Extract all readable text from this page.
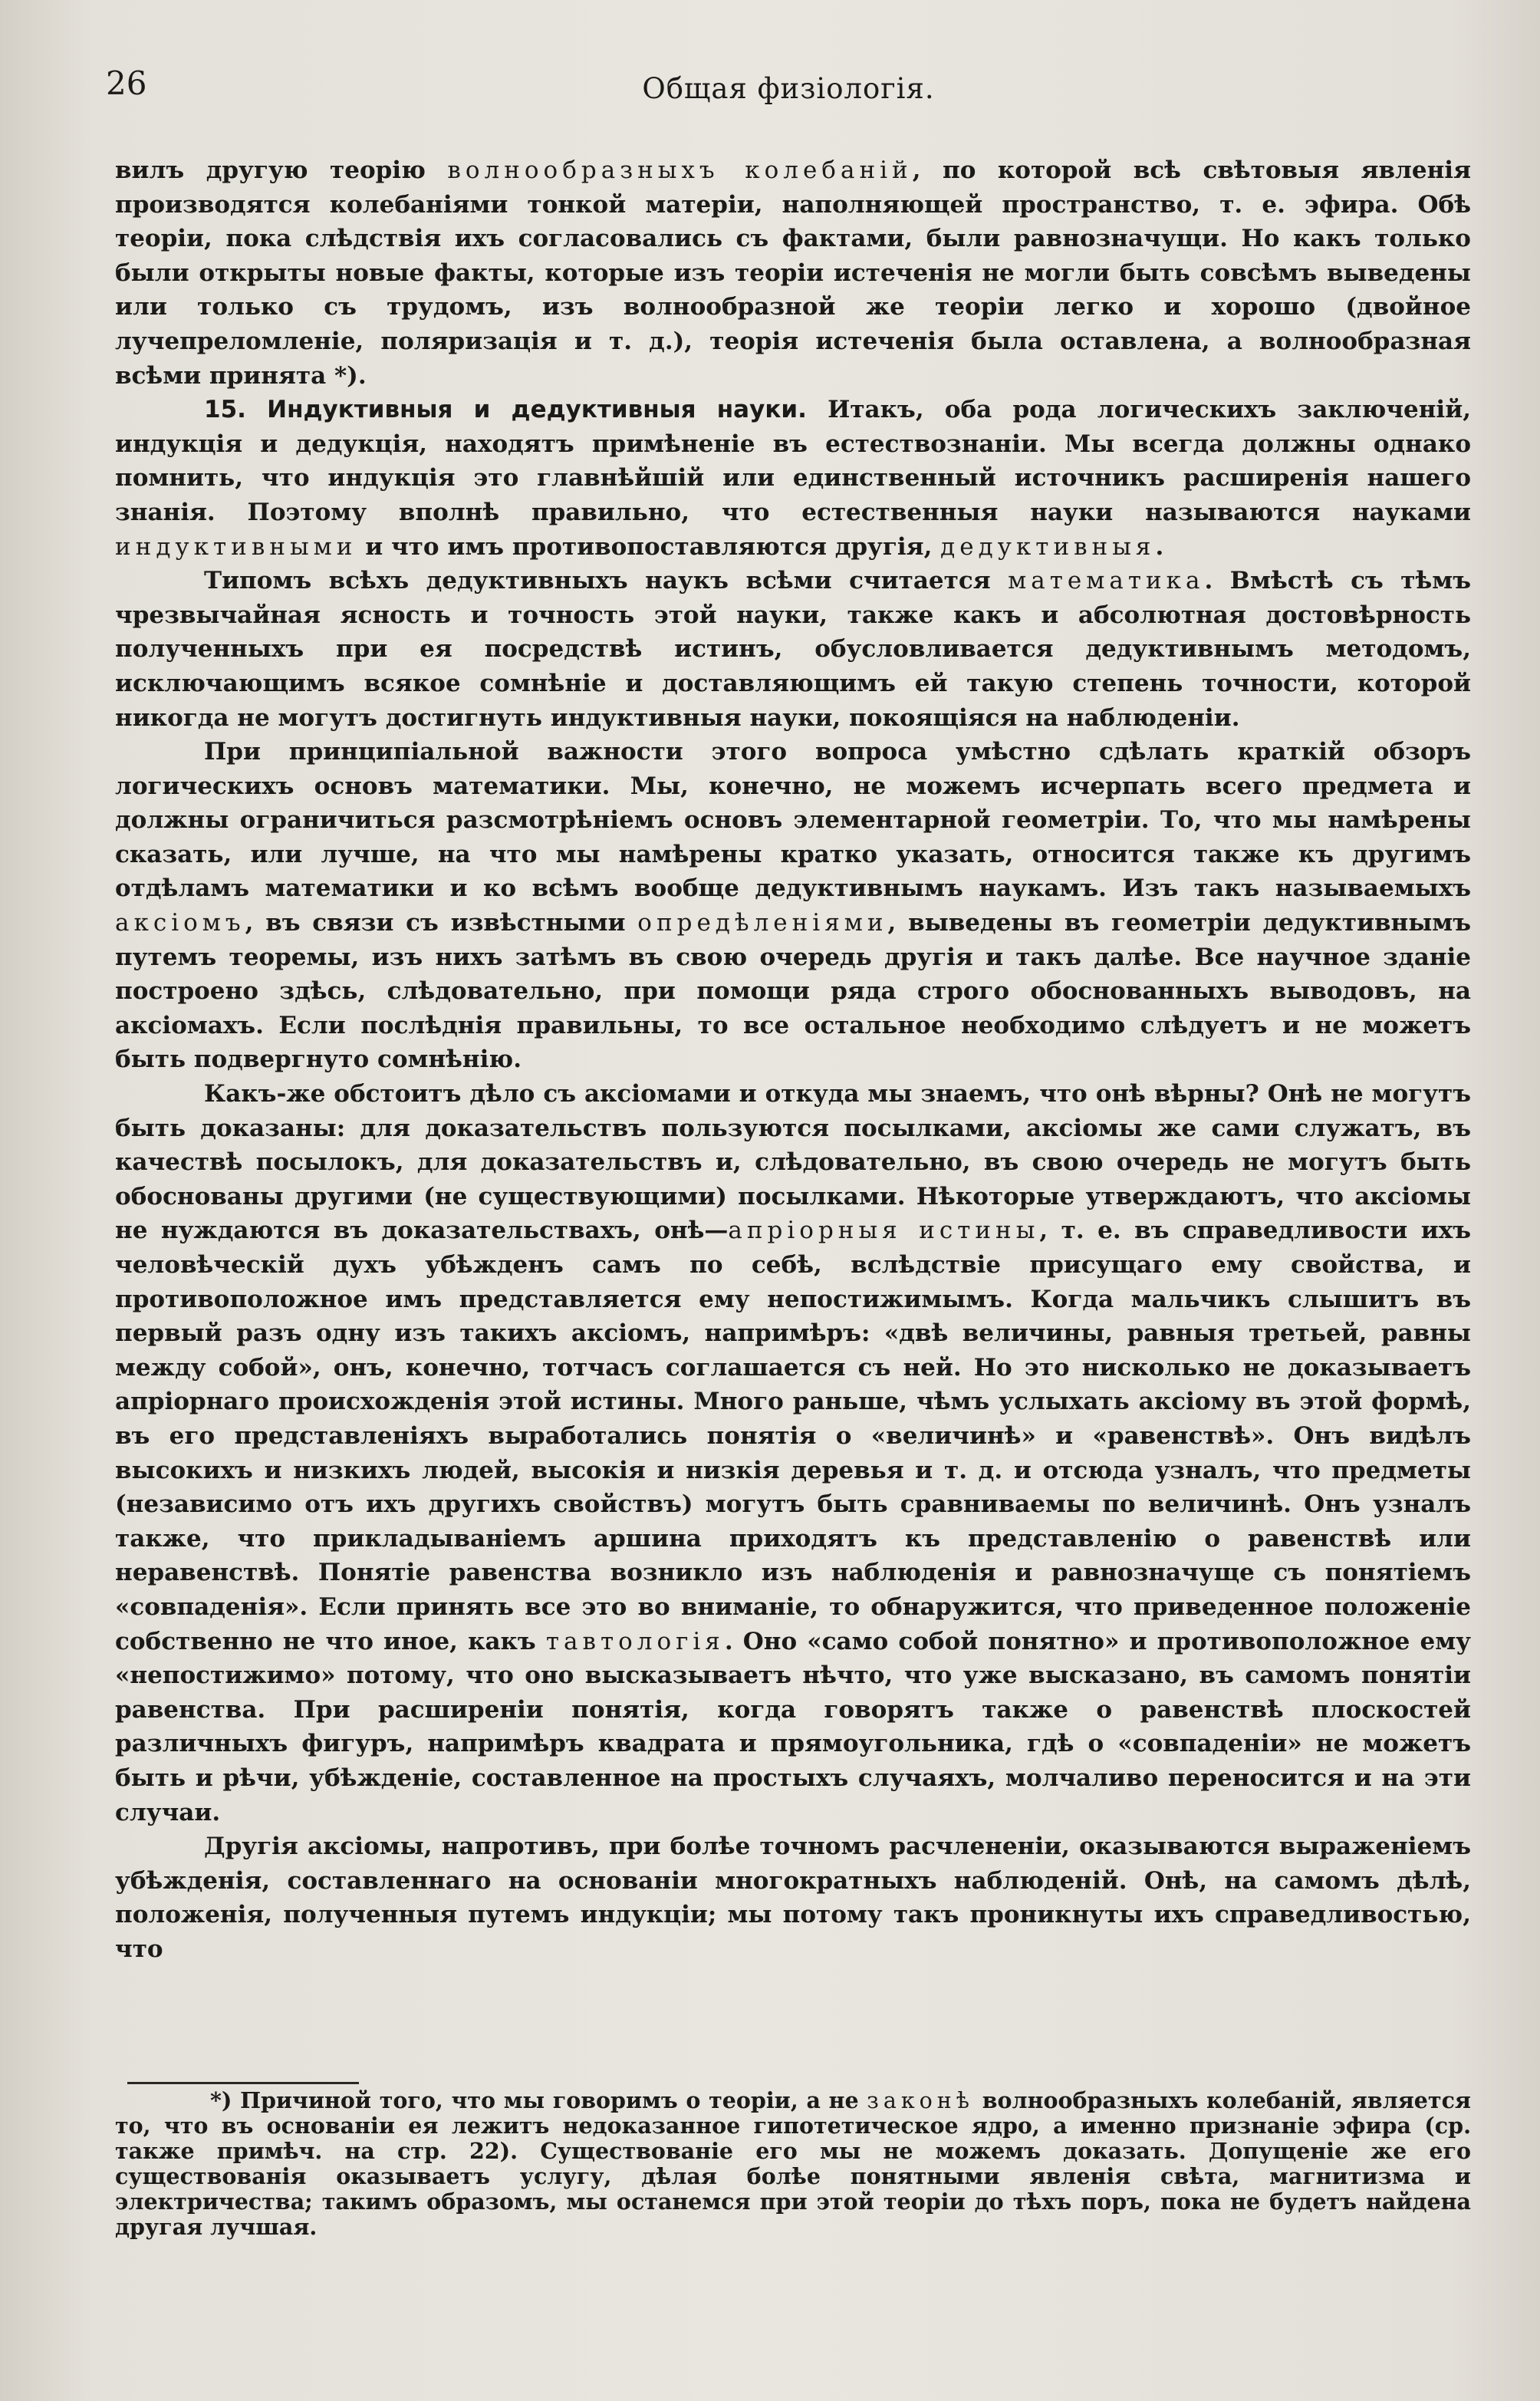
26	Общая физіологія.

вилъ другую теорію волнообразныхъ колебаній, по которой всѣ свѣтовыя явленія производятся колебаніями тонкой матеріи, наполняющей пространство, т. е. эфира. Обѣ теоріи, пока слѣдствія ихъ согласовались съ фактами, были равнозначущи. Но какъ только были открыты новые факты, которые изъ теоріи истеченія не могли быть совсѣмъ выведены или только съ трудомъ, изъ волнообразной же теоріи легко и хорошо (двойное лучепреломленіе, поляризація и т. д.), теорія истеченія была оставлена, а волнообразная всѣми принята *).

15. Индуктивныя и дедуктивныя науки. Итакъ, оба рода логическихъ заключеній, индукція и дедукція, находятъ примѣненіе въ естествознаніи. Мы всегда должны однако помнить, что индукція это главнѣйшій или единственный источникъ расширенія нашего знанія. Поэтому вполнѣ правильно, что естественныя науки называются науками индуктивными и что имъ противопоставляются другія, дедуктивныя.

Типомъ всѣхъ дедуктивныхъ наукъ всѣми считается математика. Вмѣстѣ съ тѣмъ чрезвычайная ясность и точность этой науки, также какъ и абсолютная достовѣрность полученныхъ при ея посредствѣ истинъ, обусловливается дедуктивнымъ методомъ, исключающимъ всякое сомнѣніе и доставляющимъ ей такую степень точности, которой никогда не могутъ достигнуть индуктивныя науки, покоящіяся на наблюденіи.

При принципіальной важности этого вопроса умѣстно сдѣлать краткій обзоръ логическихъ основъ математики. Мы, конечно, не можемъ исчерпать всего предмета и должны ограничиться разсмотрѣніемъ основъ элементарной геометріи. То, что мы намѣрены сказать, или лучше, на что мы намѣрены кратко указать, относится также къ другимъ отдѣламъ математики и ко всѣмъ вообще дедуктивнымъ наукамъ. Изъ такъ называемыхъ аксіомъ, въ связи съ извѣстными опредѣленіями, выведены въ геометріи дедуктивнымъ путемъ теоремы, изъ нихъ затѣмъ въ свою очередь другія и такъ далѣе. Все научное зданіе построено здѣсь, слѣдовательно, при помощи ряда строго обоснованныхъ выводовъ, на аксіомахъ. Если послѣднія правильны, то все остальное необходимо слѣдуетъ и не можетъ быть подвергнуто сомнѣнію.

Какъ-же обстоитъ дѣло съ аксіомами и откуда мы знаемъ, что онѣ вѣрны? Онѣ не могутъ быть доказаны: для доказательствъ пользуются посылками, аксіомы же сами служатъ, въ качествѣ посылокъ, для доказательствъ и, слѣдовательно, въ свою очередь не могутъ быть обоснованы другими (не существующими) посылками. Нѣкоторые утверждаютъ, что аксіомы не нуждаются въ доказательствахъ, онѣ—апріорныя истины, т. е. въ справедливости ихъ человѣческій духъ убѣжденъ самъ по себѣ, вслѣдствіе присущаго ему свойства, и противоположное имъ представляется ему непостижимымъ. Когда мальчикъ слышитъ въ первый разъ одну изъ такихъ аксіомъ, напримѣръ: «двѣ величины, равныя третьей, равны между собой», онъ, конечно, тотчасъ соглашается съ ней. Но это нисколько не доказываетъ апріорнаго происхожденія этой истины. Много раньше, чѣмъ услыхать аксіому въ этой формѣ, въ его представленіяхъ выработались понятія о «величинѣ» и «равенствѣ». Онъ видѣлъ высокихъ и низкихъ людей, высокія и низкія деревья и т. д. и отсюда узналъ, что предметы (независимо отъ ихъ другихъ свойствъ) могутъ быть сравниваемы по величинѣ. Онъ узналъ также, что прикладываніемъ аршина приходятъ къ представленію о равенствѣ или неравенствѣ. Понятіе равенства возникло изъ наблюденія и равнозначуще съ понятіемъ «совпаденія». Если принять все это во вниманіе, то обнаружится, что приведенное положеніе собственно не что иное, какъ тавтологія. Оно «само собой понятно» и противоположное ему «непостижимо» потому, что оно высказываетъ нѣчто, что уже высказано, въ самомъ понятіи равенства. При расширеніи понятія, когда говорятъ также о равенствѣ плоскостей различныхъ фигуръ, напримѣръ квадрата и прямоугольника, гдѣ о «совпаденіи» не можетъ быть и рѣчи, убѣжденіе, составленное на простыхъ случаяхъ, молчаливо переносится и на эти случаи.

Другія аксіомы, напротивъ, при болѣе точномъ расчлененіи, оказываются выраженіемъ убѣжденія, составленнаго на основаніи многократныхъ наблюденій. Онѣ, на самомъ дѣлѣ, положенія, полученныя путемъ индукціи; мы потому такъ проникнуты ихъ справедливостью, что

*) Причиной того, что мы говоримъ о теоріи, а не законѣ волнообразныхъ колебаній, является то, что въ основаніи ея лежитъ недоказанное гипотетическое ядро, а именно признаніе эфира (ср. также примѣч. на стр. 22). Существованіе его мы не можемъ доказать. Допущеніе же его существованія оказываетъ услугу, дѣлая болѣе понятными явленія свѣта, магнитизма и электричества; такимъ образомъ, мы останемся при этой теоріи до тѣхъ поръ, пока не будетъ найдена другая лучшая.
